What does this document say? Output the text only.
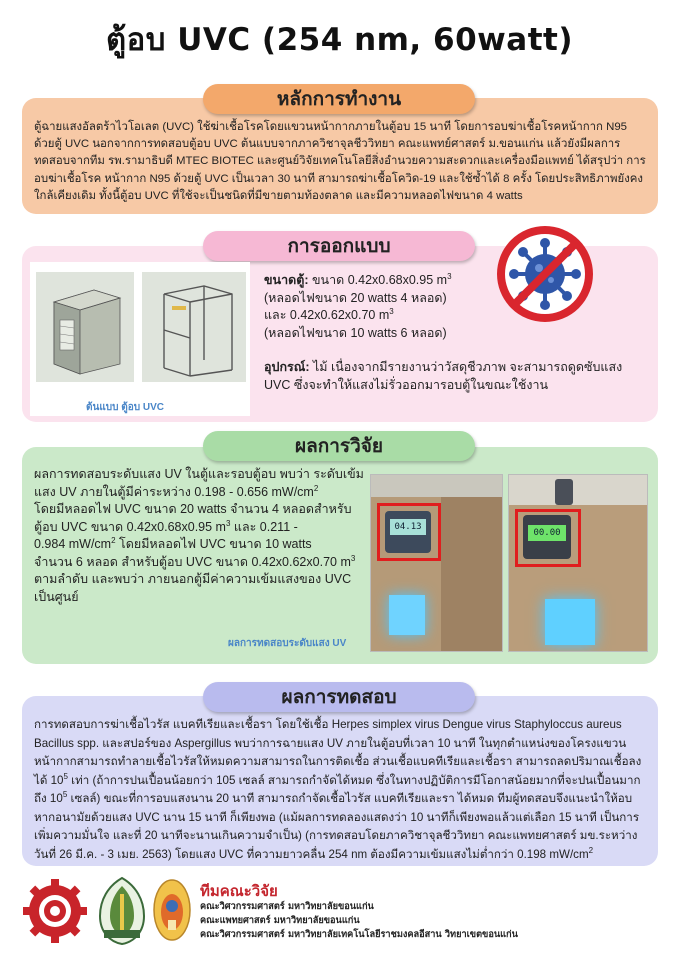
ตู้อบ UVC (254 nm, 60watt)
หลักการทำงาน
ตู้ฉายแสงอัลตร้าไวโอเลต (UVC) ใช้ฆ่าเชื้อโรคโดยแขวนหน้ากากภายในตู้อบ 15 นาที โดยการอบฆ่าเชื้อโรคหน้ากาก N95 ด้วยตู้ UVC นอกจากการทดสอบตู้อบ UVC ต้นแบบจากภาควิชาจุลชีววิทยา คณะแพทย์ศาสตร์ ม.ขอนแก่น แล้วยังมีผลการทดสอบจากทีม รพ.รามาธิบดี MTEC BIOTEC และศูนย์วิจัยเทคโนโลยีสิ่งอำนวยความสะดวกและเครื่องมือแพทย์ ได้สรุปว่า การอบฆ่าเชื้อโรค หน้ากาก N95 ด้วยตู้ UVC เป็นเวลา 30 นาที สามารถฆ่าเชื้อโควิด-19 และใช้ซ้ำได้ 8 ครั้ง โดยประสิทธิภาพยังคงใกล้เคียงเดิม ทั้งนี้ตู้อบ UVC ที่ใช้จะเป็นชนิดที่มีขายตามท้องตลาด และมีความหลอดไฟขนาด 4 watts
การออกแบบ
ต้นแบบ ตู้อบ UVC
ขนาดตู้: ขนาด 0.42x0.68x0.95 $m^3$
(หลอดไฟขนาด 20 watts 4 หลอด)
และ 0.42x0.62x0.70 $m^3$
(หลอดไฟขนาด 10 watts 6 หลอด)
อุปกรณ์: ไม้ เนื่องจากมีรายงานว่าวัสดุชีวภาพ จะสามารถดูดซับแสง UVC ซึ่งจะทำให้แสงไม่รั่วออกมารอบตู้ในขณะใช้งาน
ผลการวิจัย
ผลการทดสอบระดับแสง UV ในตู้และรอบตู้อบ พบว่า ระดับเข้ม
แสง UV ภายในตู้มีค่าระหว่าง 0.198 - 0.656 $mW/cm^2$
โดยมีหลอดไฟ UVC ขนาด 20 watts จำนวน 4 หลอดสำหรับ
ตู้อบ UVC ขนาด 0.42x0.68x0.95 $m^3$ และ 0.211 -
0.984 $mW/cm^2$ โดยมีหลอดไฟ UVC ขนาด 10 watts
จำนวน 6 หลอด สำหรับตู้อบ UVC ขนาด 0.42x0.62x0.70 $m^3$
ตามลำดับ และพบว่า ภายนอกตู้มีค่าความเข้มแสงของ UVC
เป็นศูนย์
ผลการทดสอบระดับแสง UV
04.13
00.00
ผลการทดสอบ
การทดสอบการฆ่าเชื้อไวรัส แบคทีเรียและเชื้อรา โดยใช้เชื้อ Herpes simplex virus Dengue virus Staphyloccus aureus Bacillus spp. และสปอร์ของ Aspergillus พบว่าการฉายแสง UV ภายในตู้อบที่เวลา 10 นาที ในทุกตำแหน่งของโครงแขวนหน้ากากสามารถทำลายเชื้อไวรัสให้หมดความสามารถในการติดเชื้อ ส่วนเชื้อแบคทีเรียและเชื้อรา สามารถลดปริมาณเชื้อลงได้ $10^5$ เท่า (ถ้าการปนเปื้อนน้อยกว่า 105 เซลล์ สามารถกำจัดได้หมด ซึ่งในทางปฏิบัติการมีโอกาสน้อยมากที่จะปนเปื้อนมากถึง $10^5$ เซลล์) ขณะที่การอบแสงนาน 20 นาที สามารถกำจัดเชื้อไวรัส แบคทีเรียและรา ได้หมด ทีมผู้ทดสอบจึงแนะนำให้อบหากอนามัยด้วยแสง UVC นาน 15 นาที ก็เพียงพอ (แม้ผลการทดลองแสดงว่า 10 นาทีก็เพียงพอแล้วแต่เลือก 15 นาที เป็นการเพิ่มความมั่นใจ และที่ 20 นาทีจะนานเกินความจำเป็น) (การทดสอบโดยภาควิชาจุลชีววิทยา คณะแพทยศาสตร์ มข.ระหว่างวันที่ 26 มี.ค. - 3 เมย. 2563) โดยแสง UVC ที่ความยาวคลื่น 254 nm ต้องมีความเข้มแสงไม่ต่ำกว่า 0.198 $mW/cm^2$
ทีมคณะวิจัย
คณะวิศวกรรมศาสตร์ มหาวิทยาลัยขอนแก่น
คณะแพทยศาสตร์ มหาวิทยาลัยขอนแก่น
คณะวิศวกรรมศาสตร์ มหาวิทยาลัยเทคโนโลยีราชมงคลอีสาน วิทยาเขตขอนแก่น
